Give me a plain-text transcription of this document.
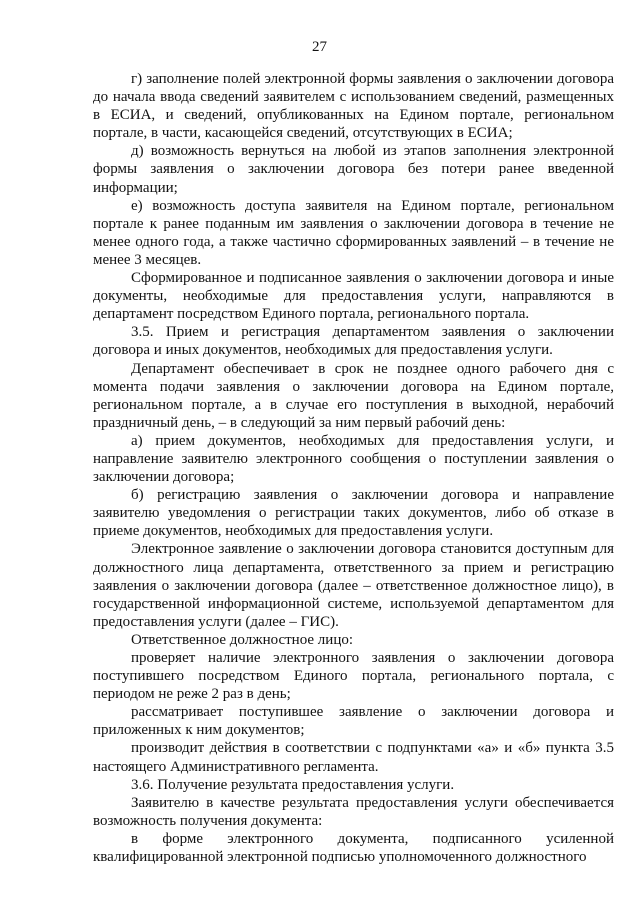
27

г) заполнение полей электронной формы заявления о заключении договора до начала ввода сведений заявителем с использованием сведений, размещенных в ЕСИА, и сведений, опубликованных на Едином портале, региональном портале, в части, касающейся сведений, отсутствующих в ЕСИА;

д) возможность вернуться на любой из этапов заполнения электронной формы заявления о заключении договора без потери ранее введенной информации;

е) возможность доступа заявителя на Едином портале, региональном портале к ранее поданным им заявления о заключении договора в течение не менее одного года, а также частично сформированных заявлений – в течение не менее 3 месяцев.

Сформированное и подписанное заявления о заключении договора и иные документы, необходимые для предоставления услуги, направляются в департамент посредством Единого портала, регионального портала.

3.5. Прием и регистрация департаментом заявления о заключении договора и иных документов, необходимых для предоставления услуги.

Департамент обеспечивает в срок не позднее одного рабочего дня с момента подачи заявления о заключении договора на Едином портале, региональном портале, а в случае его поступления в выходной, нерабочий праздничный день, – в следующий за ним первый рабочий день:

а) прием документов, необходимых для предоставления услуги, и направление заявителю электронного сообщения о поступлении заявления о заключении договора;

б) регистрацию заявления о заключении договора и направление заявителю уведомления о регистрации таких документов, либо об отказе в приеме документов, необходимых для предоставления услуги.

Электронное заявление о заключении договора становится доступным для должностного лица департамента, ответственного за прием и регистрацию заявления о заключении договора (далее – ответственное должностное лицо), в государственной информационной системе, используемой департаментом для предоставления услуги (далее – ГИС).

Ответственное должностное лицо:

проверяет наличие электронного заявления о заключении договора поступившего посредством Единого портала, регионального портала, с периодом не реже 2 раз в день;

рассматривает поступившее заявление о заключении договора и приложенных к ним документов;

производит действия в соответствии с подпунктами «а» и «б» пункта 3.5 настоящего Административного регламента.

3.6. Получение результата предоставления услуги.

Заявителю в качестве результата предоставления услуги обеспечивается возможность получения документа:

в форме электронного документа, подписанного усиленной квалифицированной электронной подписью уполномоченного должностного
